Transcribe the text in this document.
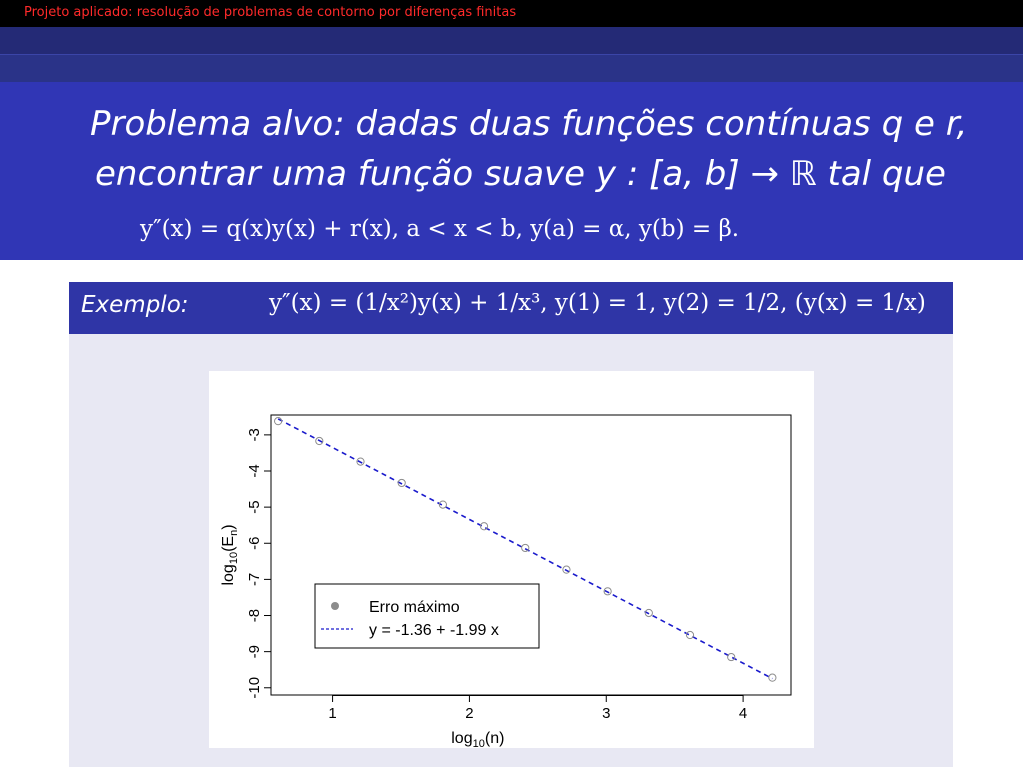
Projeto aplicado: resolução de problemas de contorno por diferenças finitas
Problema alvo: dadas duas funções contínuas q e r,
encontrar uma função suave y : [a, b] → ℝ tal que
y″(x) = q(x)y(x) + r(x), a < x < b, y(a) = α, y(b) = β.
Exemplo:	y″(x) = (1/x²)y(x) + 1/x³, y(1) = 1, y(2) = 1/2, (y(x) = 1/x)
1	2	3	4
-3
-4
-5
-6
-7
-8
-9
-10
$\log_{10}(n)$
$\log_{10}(E_n)$
Erro máximo
y = -1.36 + -1.99 x
